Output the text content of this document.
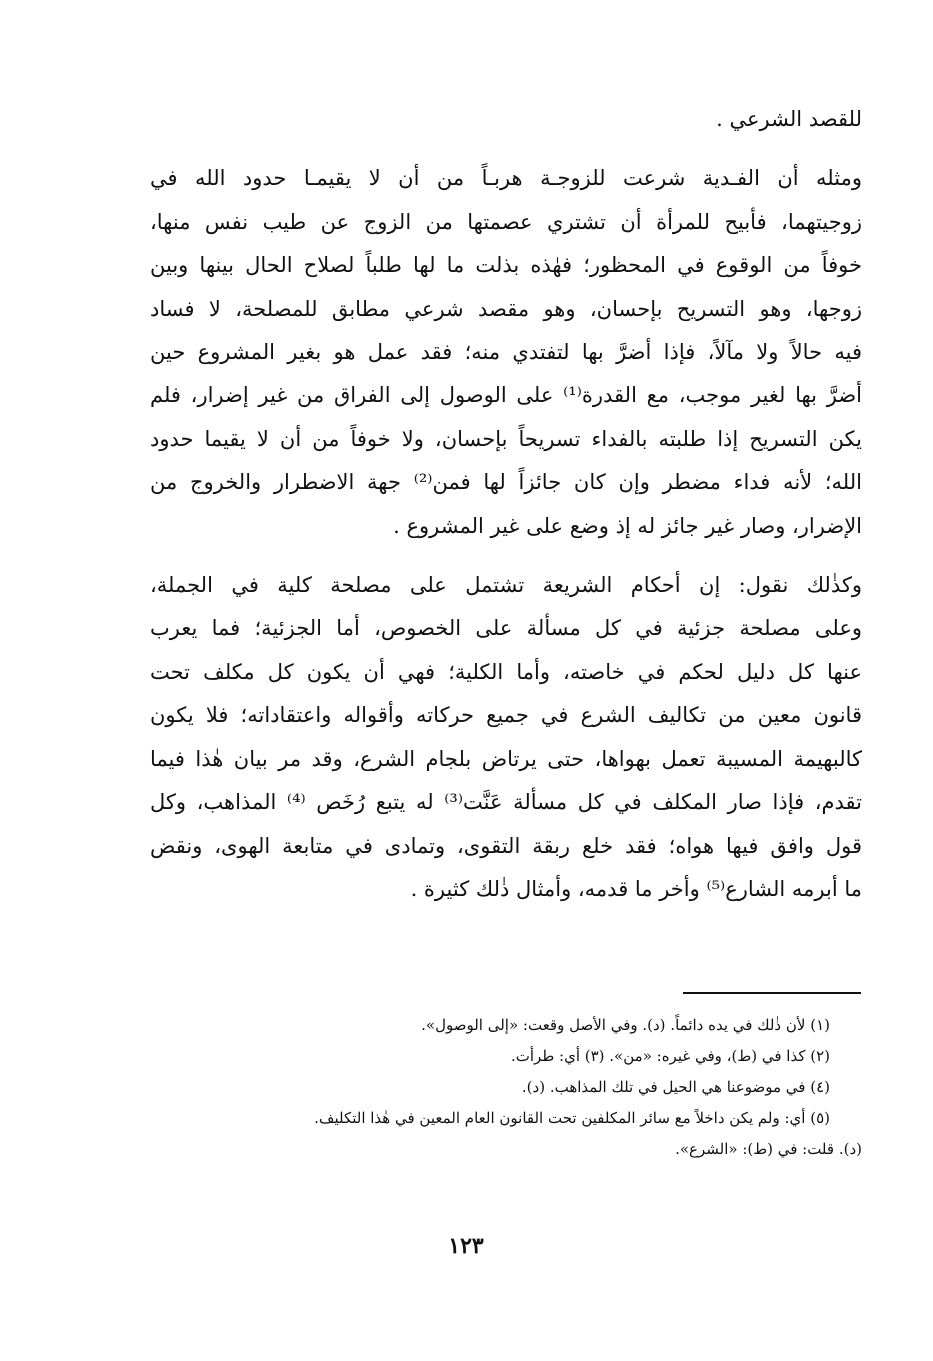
للقصد الشرعي .
ومثله أن الفـدية شرعت للزوجـة هربـاً من أن لا يقيمـا حدود الله في
زوجيتهما، فأبيح للمرأة أن تشتري عصمتها من الزوج عن طيب نفس منها،
خوفاً من الوقوع في المحظور؛ فهٰذه بذلت ما لها طلباً لصلاح الحال بينها وبين
زوجها، وهو التسريح بإحسان، وهو مقصد شرعي مطابق للمصلحة، لا فساد
فيه حالاً ولا مآلاً، فإذا أضرَّ بها لتفتدي منه؛ فقد عمل هو بغير المشروع حين
أضرَّ بها لغير موجب، مع القدرة⁽¹⁾ على الوصول إلى الفراق من غير إضرار، فلم
يكن التسريح إذا طلبته بالفداء تسريحاً بإحسان، ولا خوفاً من أن لا يقيما حدود
الله؛ لأنه فداء مضطر وإن كان جائزاً لها فمن⁽²⁾ جهة الاضطرار والخروج من
الإضرار، وصار غير جائز له إذ وضع على غير المشروع .
وكذٰلك نقول: إن أحكام الشريعة تشتمل على مصلحة كلية في الجملة،
وعلى مصلحة جزئية في كل مسألة على الخصوص، أما الجزئية؛ فما يعرب
عنها كل دليل لحكم في خاصته، وأما الكلية؛ فهي أن يكون كل مكلف تحت
قانون معين من تكاليف الشرع في جميع حركاته وأقواله واعتقاداته؛ فلا يكون
كالبهيمة المسيبة تعمل بهواها، حتى يرتاض بلجام الشرع، وقد مر بيان هٰذا فيما
تقدم، فإذا صار المكلف في كل مسألة عَنَّت⁽³⁾ له يتبع رُخَص ⁽⁴⁾ المذاهب، وكل
قول وافق فيها هواه؛ فقد خلع ربقة التقوى، وتمادى في متابعة الهوى، ونقض
ما أبرمه الشارع⁽⁵⁾ وأخر ما قدمه، وأمثال ذٰلك كثيرة .
(١) لأن ذٰلك في يده دائماً. (د). وفي الأصل وقعت: «إلى الوصول».
(٢) كذا في (ط)، وفي غيره: «من». (٣) أي: طرأت.
(٤) في موضوعنا هي الحيل في تلك المذاهب. (د).
(٥) أي: ولم يكن داخلاً مع سائر المكلفين تحت القانون العام المعين في هٰذا التكليف.
(د). قلت: في (ط): «الشرع».
١٢٣
